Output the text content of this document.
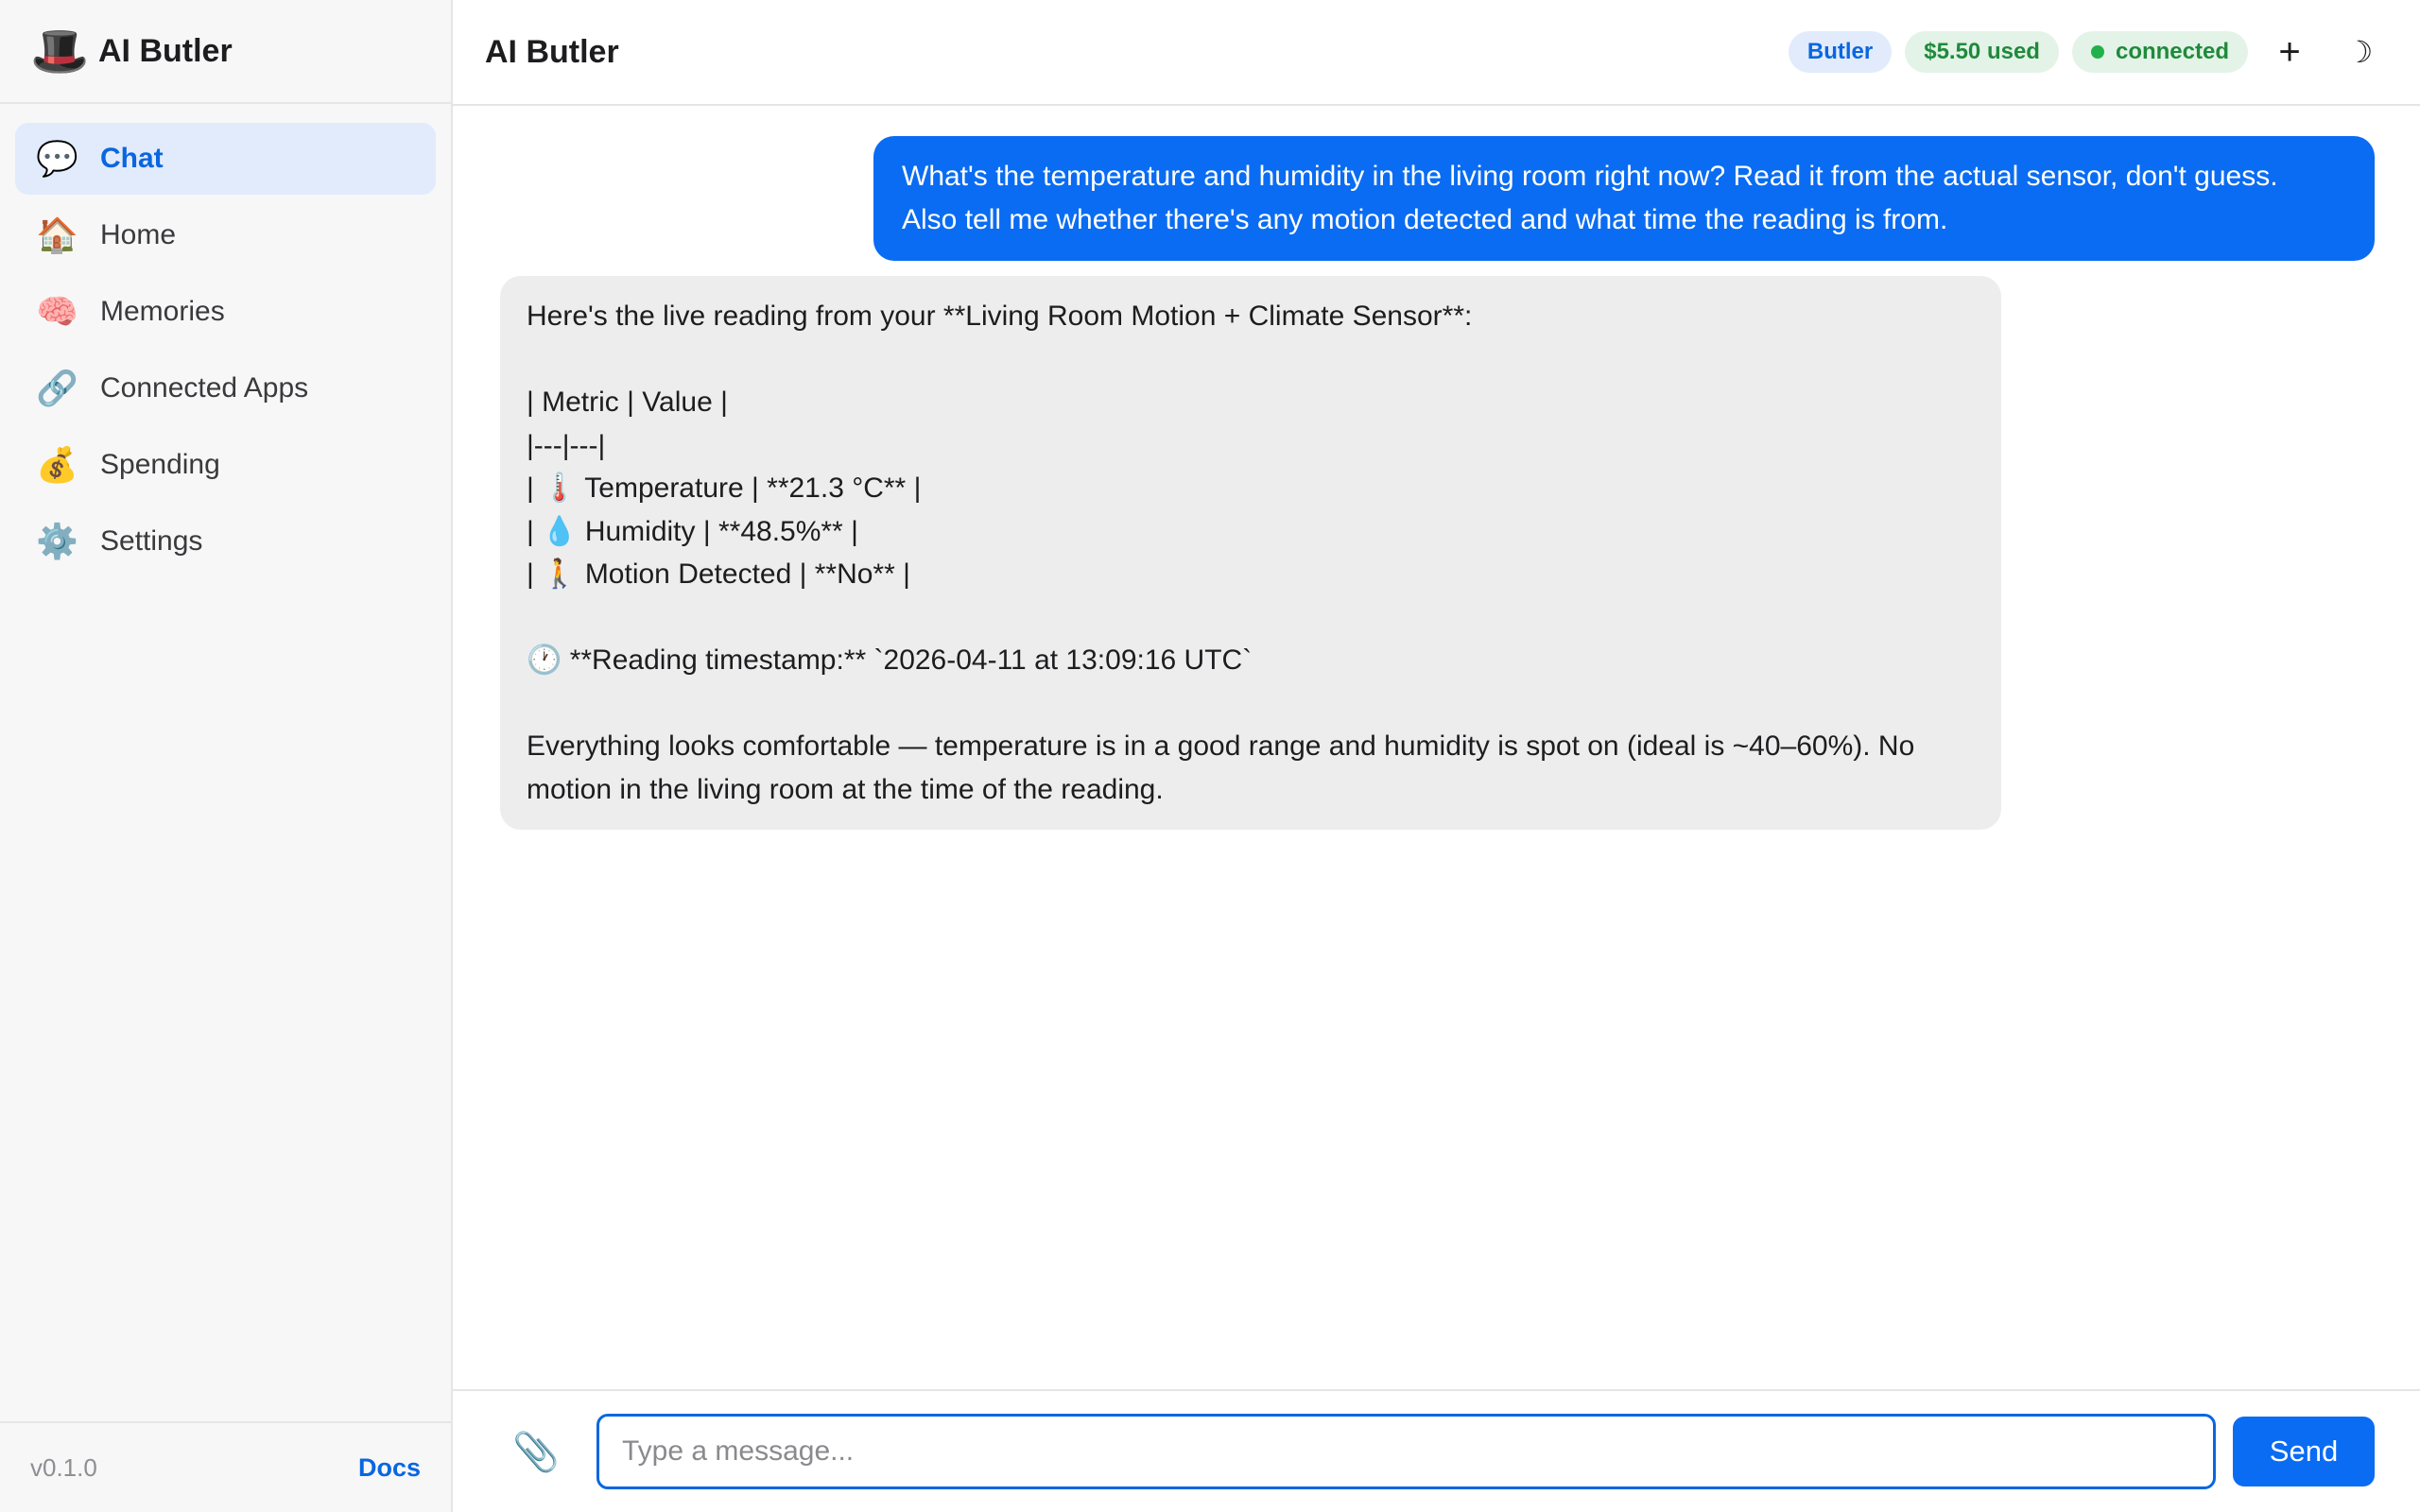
🎩 AI Butler
💬 Chat
🏠 Home
🧠 Memories
🔗 Connected Apps
💰 Spending
⚙️ Settings
v0.1.0	Docs
AI Butler	Butler	$5.50 used	connected	+	☽
What's the temperature and humidity in the living room right now? Read it from the actual sensor, don't guess.
Also tell me whether there's any motion detected and what time the reading is from.
Here's the live reading from your **Living Room Motion + Climate Sensor**:
| Metric | Value |
|---|---|
| 🌡️ Temperature | **21.3 °C** |
| 💧 Humidity | **48.5%** |
| 🚶 Motion Detected | **No** |
🕐 **Reading timestamp:** `2026-04-11 at 13:09:16 UTC`
Everything looks comfortable — temperature is in a good range and humidity is spot on (ideal is ~40–60%). No motion in the living room at the time of the reading.
📎
Type a message...	Send
